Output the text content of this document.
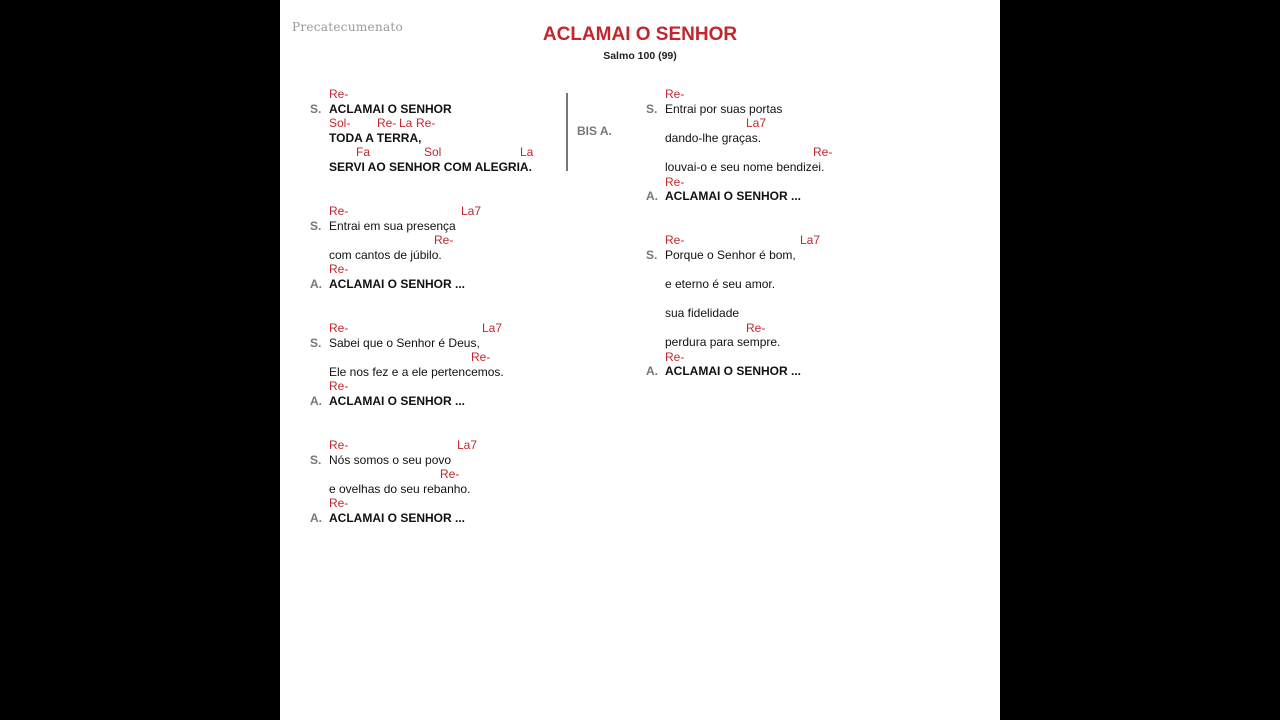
Precatecumenato	ACLAMAI O SENHOR
Salmo 100 (99)
Re-
S. ACLAMAI O SENHOR
Sol- Re- La Re-
TODA A TERRA,
Fa	Sol	La
SERVI AO SENHOR COM ALEGRIA.
BIS A.
Re-	La7
S. Entrai em sua presença
Re-
com cantos de júbilo.
Re-
A. ACLAMAI O SENHOR ...
Re-	La7
S. Sabei que o Senhor é Deus,
Re-
Ele nos fez e a ele pertencemos.
Re-
A. ACLAMAI O SENHOR ...
Re-	La7
S. Nós somos o seu povo
Re-
e ovelhas do seu rebanho.
Re-
A. ACLAMAI O SENHOR ...
Re-
S. Entrai por suas portas
La7
dando-lhe graças.
Re-
louvai-o e seu nome bendizei.
Re-
A. ACLAMAI O SENHOR ...
Re-	La7
S. Porque o Senhor é bom,
e eterno é seu amor.
sua fidelidade
Re-
perdura para sempre.
Re-
A. ACLAMAI O SENHOR ...
